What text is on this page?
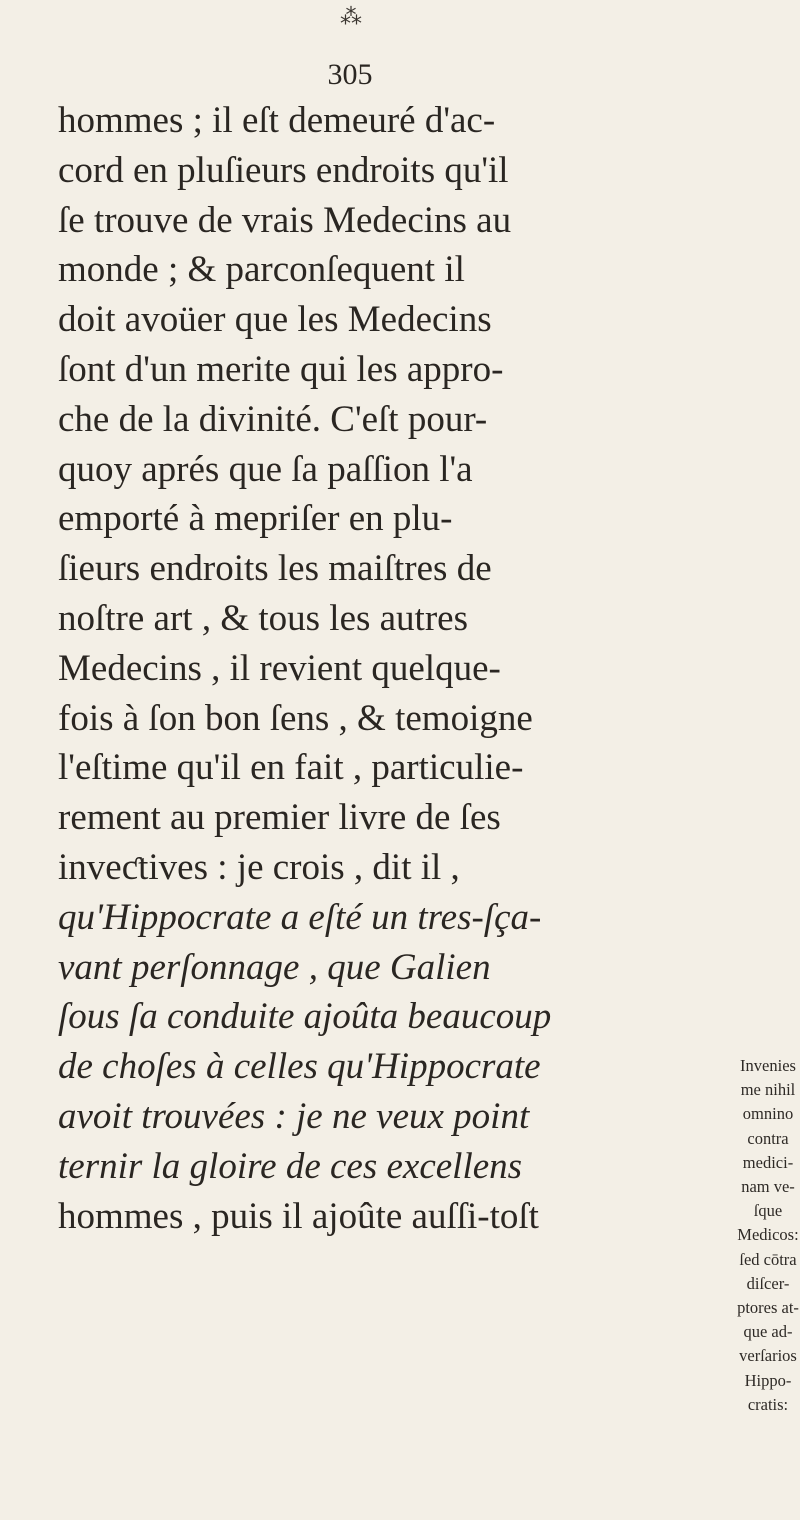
⁂
305
hommes ; il eſt demeuré d'ac-
cord en pluſieurs endroits qu'il
ſe trouve de vrais Medecins au
monde ; & parconſequent il
doit avoüer que les Medecins
ſont d'un merite qui les appro-
che de la divinité. C'eſt pour-
quoy aprés que ſa paſſion l'a
emporté à mepriſer en plu-
ſieurs endroits les maiſtres de
noſtre art , & tous les autres
Medecins , il revient quelque-
fois à ſon bon ſens , & temoigne
l'eſtime qu'il en fait , particulie-
rement au premier livre de ſes
inveƈtives : je crois , dit il ,
qu'Hippocrate a eſté un tres-ſça-
vant perſonnage , que Galien
ſous ſa conduite ajoûta beaucoup
de choſes à celles qu'Hippocrate
avoit trouvées : je ne veux point
ternir la gloire de ces excellens
hommes , puis il ajoûte auſſi-toſt
Invenies
me nihil
omnino
contra
medici-
nam ve-
ſque
Medicos:
ſed cōtra
diſcer-
ptores at-
que ad-
verſarios
Hippo-
cratis:
